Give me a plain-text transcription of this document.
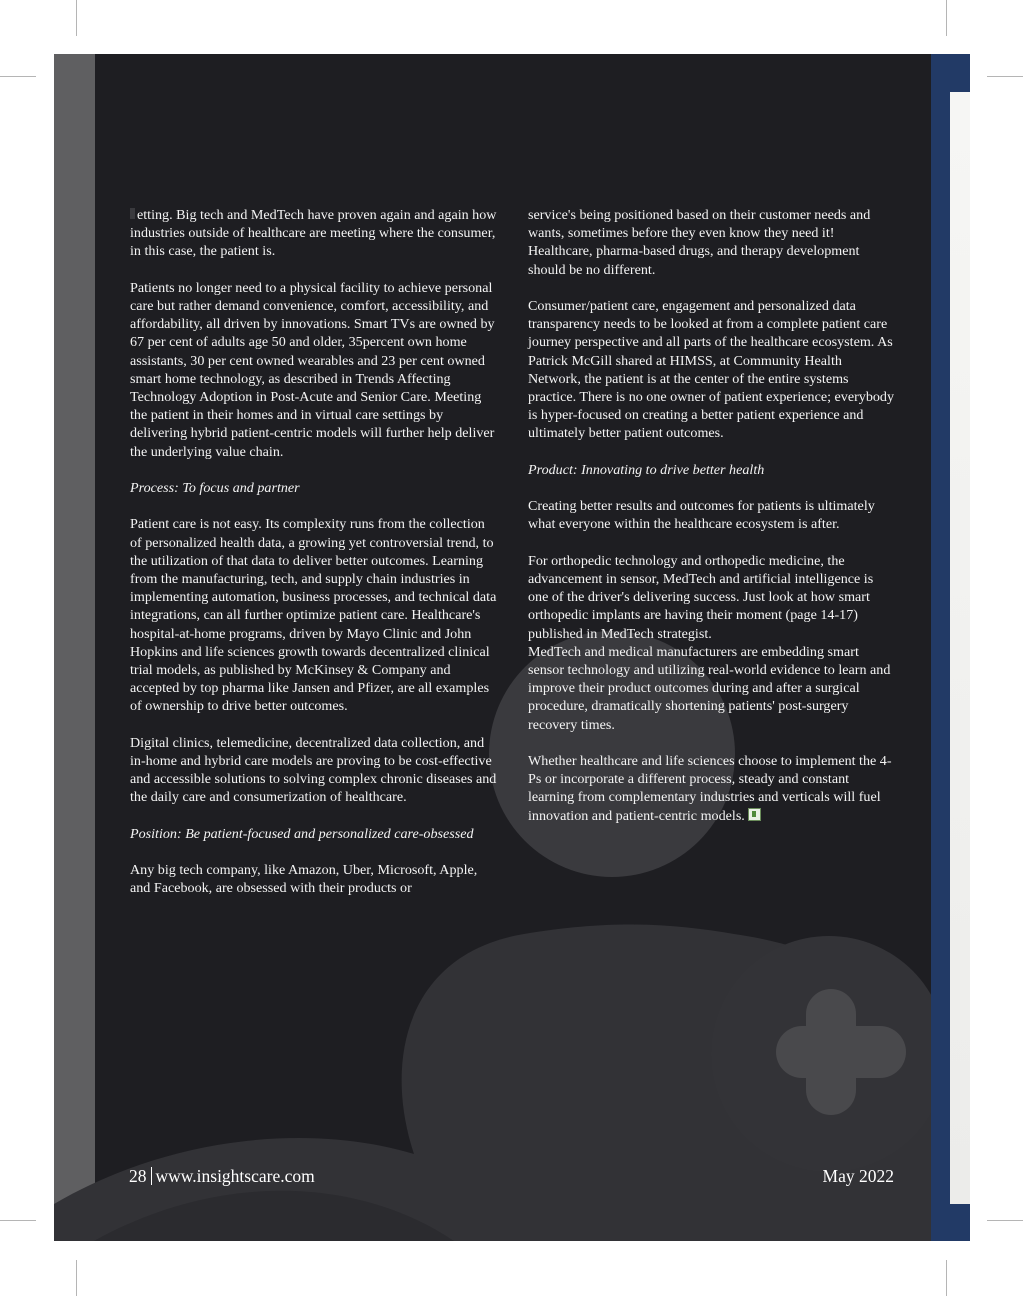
etting. Big tech and MedTech have proven again and again how industries outside of healthcare are meeting where the consumer, in this case, the patient is.

Patients no longer need to a physical facility to achieve personal care but rather demand convenience, comfort, accessibility, and affordability, all driven by innovations. Smart TVs are owned by 67 per cent of adults age 50 and older, 35percent own home assistants, 30 per cent owned wearables and 23 per cent owned smart home technology, as described in Trends Affecting Technology Adoption in Post-Acute and Senior Care. Meeting the patient in their homes and in virtual care settings by delivering hybrid patient-centric models will further help deliver the underlying value chain.

Process: To focus and partner

Patient care is not easy. Its complexity runs from the collection of personalized health data, a growing yet controversial trend, to the utilization of that data to deliver better outcomes. Learning from the manufacturing, tech, and supply chain industries in implementing automation, business processes, and technical data integrations, can all further optimize patient care. Healthcare's hospital-at-home programs, driven by Mayo Clinic and John Hopkins and life sciences growth towards decentralized clinical trial models, as published by McKinsey & Company and accepted by top pharma like Jansen and Pfizer, are all examples of ownership to drive better outcomes.

Digital clinics, telemedicine, decentralized data collection, and in-home and hybrid care models are proving to be cost-effective and accessible solutions to solving complex chronic diseases and the daily care and consumerization of healthcare.

Position: Be patient-focused and personalized care-obsessed

Any big tech company, like Amazon, Uber, Microsoft, Apple, and Facebook, are obsessed with their products or

service's being positioned based on their customer needs and wants, sometimes before they even know they need it! Healthcare, pharma-based drugs, and therapy development should be no different.

Consumer/patient care, engagement and personalized data transparency needs to be looked at from a complete patient care journey perspective and all parts of the healthcare ecosystem. As Patrick McGill shared at HIMSS, at Community Health Network, the patient is at the center of the entire systems practice. There is no one owner of patient experience; everybody is hyper-focused on creating a better patient experience and ultimately better patient outcomes.

Product: Innovating to drive better health

Creating better results and outcomes for patients is ultimately what everyone within the healthcare ecosystem is after.

For orthopedic technology and orthopedic medicine, the advancement in sensor, MedTech and artificial intelligence is one of the driver's delivering success. Just look at how smart orthopedic implants are having their moment (page 14-17) published in MedTech strategist.

MedTech and medical manufacturers are embedding smart sensor technology and utilizing real-world evidence to learn and improve their product outcomes during and after a surgical procedure, dramatically shortening patients' post-surgery recovery times.

Whether healthcare and life sciences choose to implement the 4- Ps or incorporate a different process, steady and constant learning from complementary industries and verticals will fuel innovation and patient-centric models.

28 www.insightscare.com	May 2022
